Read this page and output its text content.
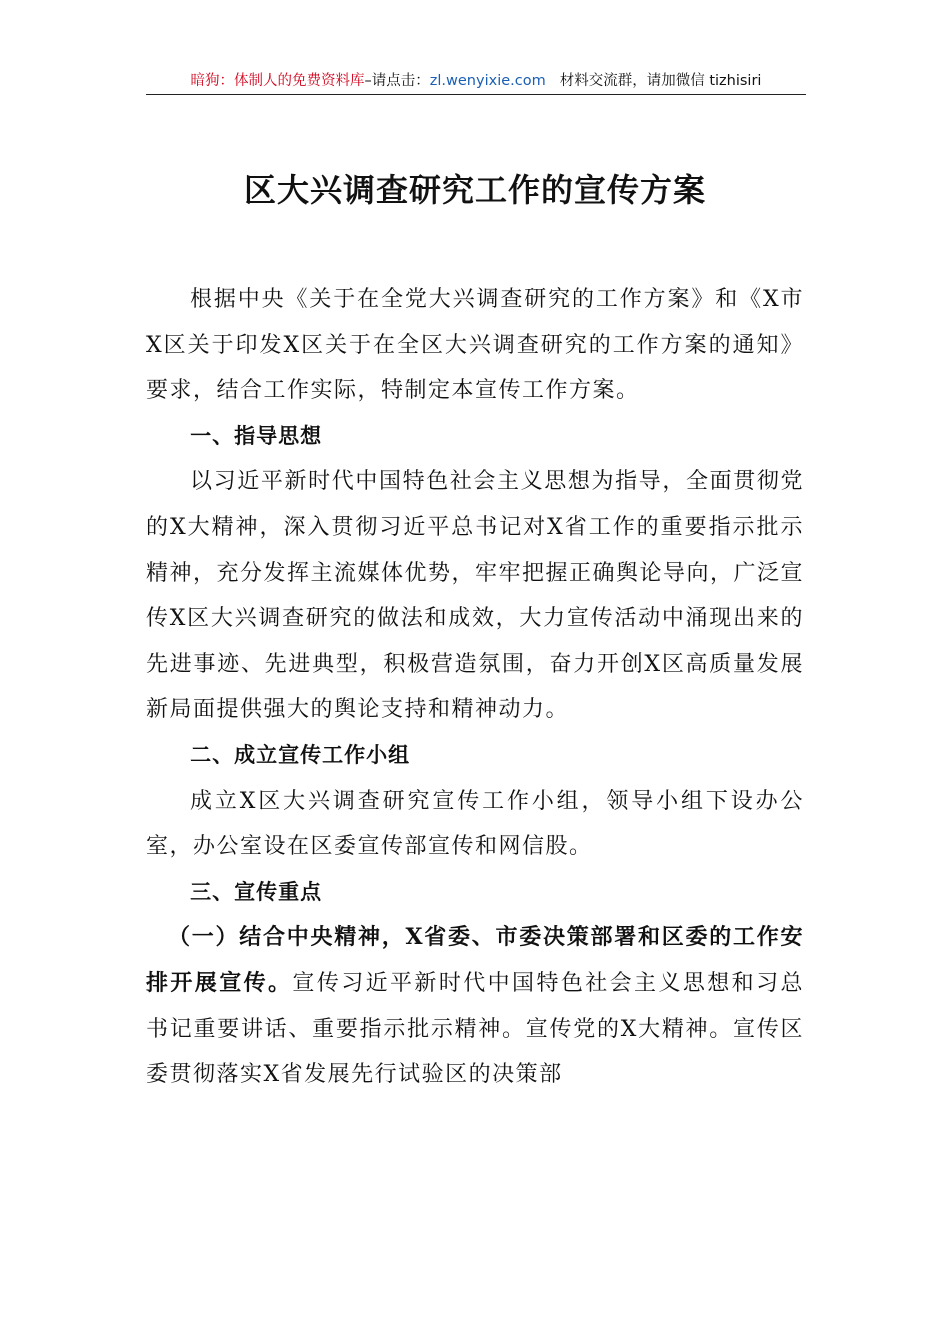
暗狗：体制人的免费资料库–请点击：zl.wenyixie.com 材料交流群，请加微信 tizhisiri
区大兴调查研究工作的宣传方案

根据中央《关于在全党大兴调查研究的工作方案》和《X市X区关于印发X区关于在全区大兴调查研究的工作方案的通知》要求，结合工作实际，特制定本宣传工作方案。

一、指导思想

以习近平新时代中国特色社会主义思想为指导，全面贯彻党的X大精神，深入贯彻习近平总书记对X省工作的重要指示批示精神，充分发挥主流媒体优势，牢牢把握正确舆论导向，广泛宣传X区大兴调查研究的做法和成效，大力宣传活动中涌现出来的先进事迹、先进典型，积极营造氛围，奋力开创X区高质量发展新局面提供强大的舆论支持和精神动力。

二、成立宣传工作小组

成立X区大兴调查研究宣传工作小组，领导小组下设办公室，办公室设在区委宣传部宣传和网信股。

三、宣传重点

（一）结合中央精神，X省委、市委决策部署和区委的工作安排开展宣传。宣传习近平新时代中国特色社会主义思想和习总书记重要讲话、重要指示批示精神。宣传党的X大精神。宣传区委贯彻落实X省发展先行试验区的决策部
